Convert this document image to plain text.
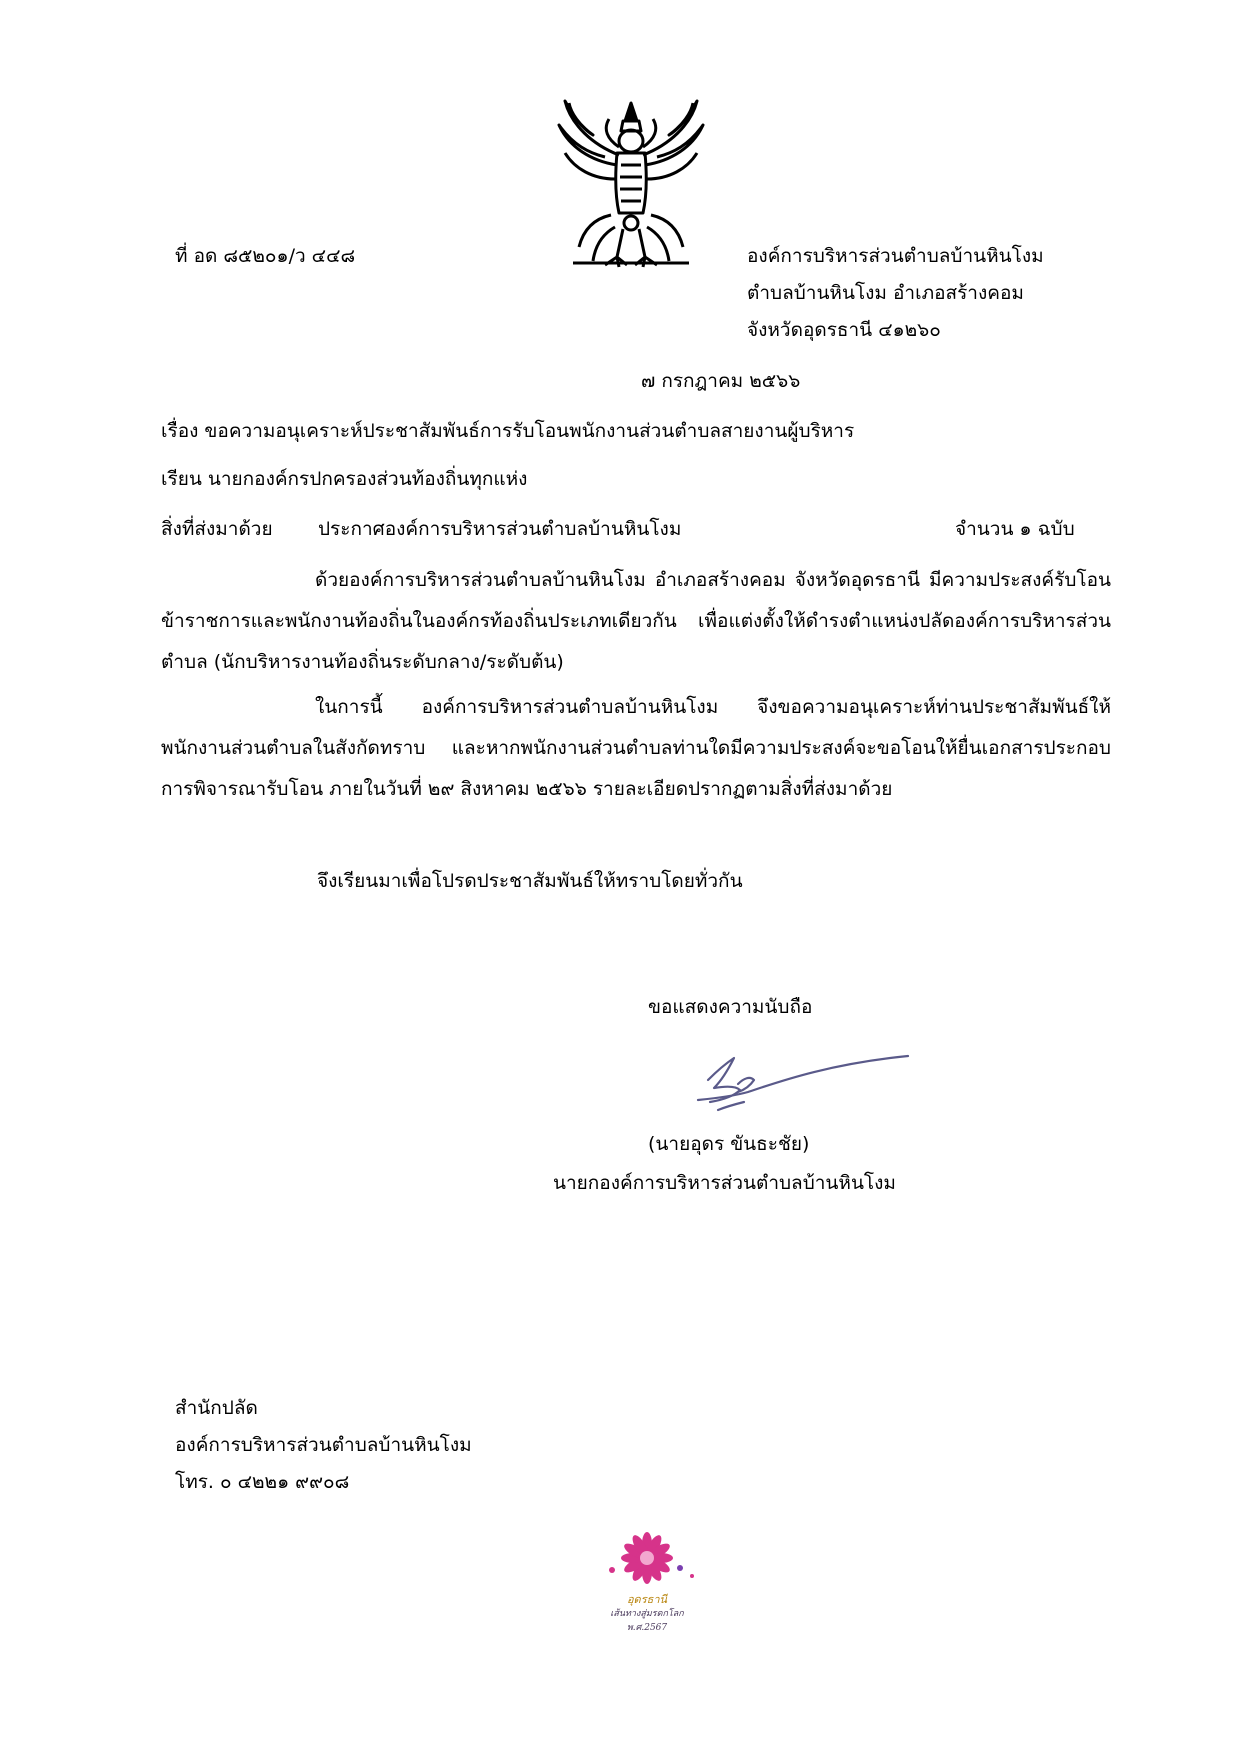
ที่ อด ๘๕๒๐๑/ว ๔๔๘	องค์การบริหารส่วนตำบลบ้านหินโงม
ตำบลบ้านหินโงม อำเภอสร้างคอม
จังหวัดอุดรธานี ๔๑๒๖๐
๗ กรกฎาคม ๒๕๖๖
เรื่อง ขอความอนุเคราะห์ประชาสัมพันธ์การรับโอนพนักงานส่วนตำบลสายงานผู้บริหาร
เรียน นายกองค์กรปกครองส่วนท้องถิ่นทุกแห่ง
สิ่งที่ส่งมาด้วย ประกาศองค์การบริหารส่วนตำบลบ้านหินโงม	จำนวน ๑ ฉบับ
ด้วยองค์การบริหารส่วนตำบลบ้านหินโงม อำเภอสร้างคอม จังหวัดอุดรธานี มีความประสงค์รับโอนข้าราชการและพนักงานท้องถิ่นในองค์กรท้องถิ่นประเภทเดียวกัน เพื่อแต่งตั้งให้ดำรงตำแหน่งปลัดองค์การบริหารส่วนตำบล (นักบริหารงานท้องถิ่นระดับกลาง/ระดับต้น)
ในการนี้ องค์การบริหารส่วนตำบลบ้านหินโงม จึงขอความอนุเคราะห์ท่านประชาสัมพันธ์ให้พนักงานส่วนตำบลในสังกัดทราบ และหากพนักงานส่วนตำบลท่านใดมีความประสงค์จะขอโอนให้ยื่นเอกสารประกอบการพิจารณารับโอน ภายในวันที่ ๒๙ สิงหาคม ๒๕๖๖ รายละเอียดปรากฏตามสิ่งที่ส่งมาด้วย
จึงเรียนมาเพื่อโปรดประชาสัมพันธ์ให้ทราบโดยทั่วกัน
ขอแสดงความนับถือ
(นายอุดร ขันธะชัย)
นายกองค์การบริหารส่วนตำบลบ้านหินโงม
สำนักปลัด
องค์การบริหารส่วนตำบลบ้านหินโงม
โทร. ๐ ๔๒๒๑ ๙๙๐๘
อุดรธานี
เส้นทางสู่มรดกโลก
พ.ศ.2567
